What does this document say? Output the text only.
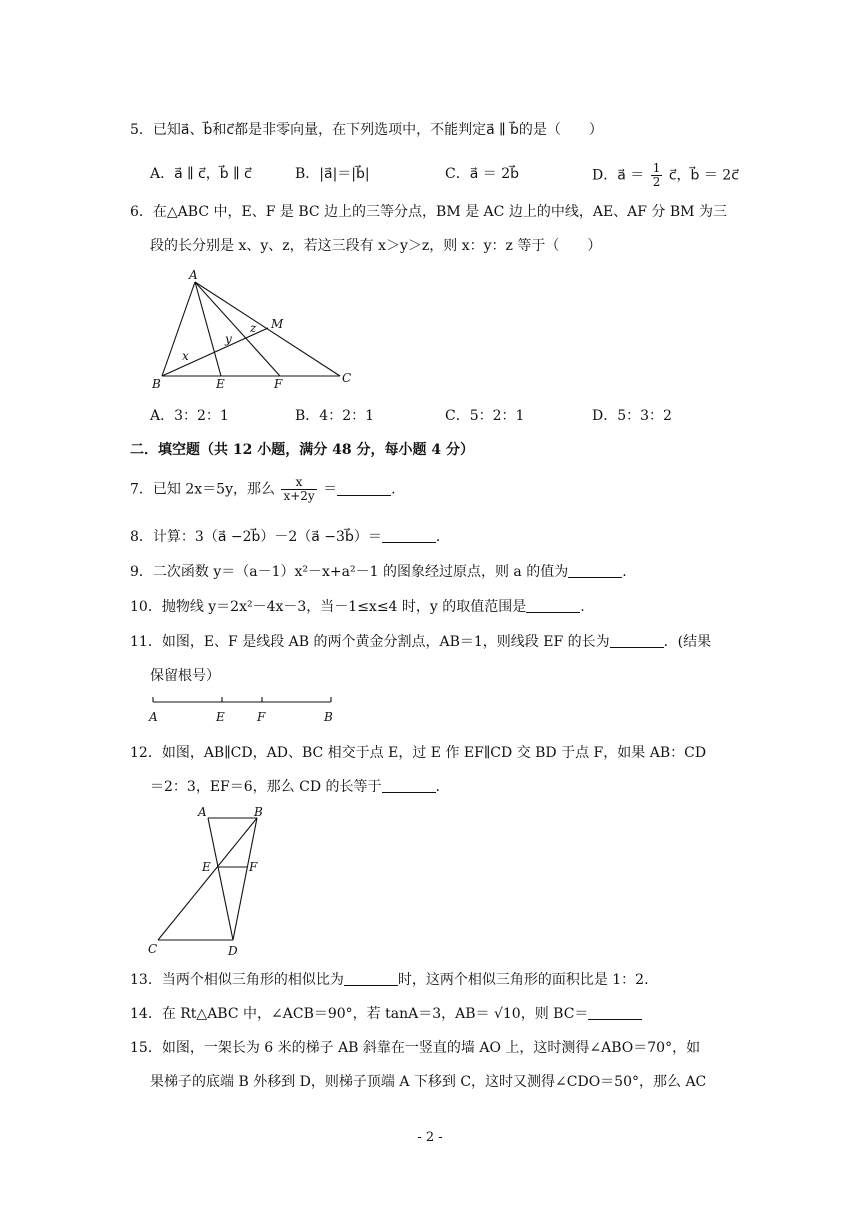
5．已知a⃗、b⃗和c⃗都是非零向量，在下列选项中，不能判定a⃗ ∥ b⃗的是（　　）
A．a⃗ ∥ c⃗，b⃗ ∥ c⃗	B．|a⃗|＝|b⃗|	C．a⃗ ＝ 2b⃗	D．a⃗ ＝ $\frac{1}{2}$ c⃗，b⃗ ＝ 2c⃗
6．在△ABC 中，E、F 是 BC 边上的三等分点，BM 是 AC 边上的中线，AE、AF 分 BM 为三
段的长分别是 x、y、z，若这三段有 x＞y＞z，则 x：y：z 等于（　　）
A
B	C
E	F
M
x
y
z
A．3：2：1	B．4：2：1	C．5：2：1	D．5：3：2
二．填空题（共 12 小题，满分 48 分，每小题 4 分）
7．已知 2x＝5y，那么 $\frac{x}{x+2y}$ ＝	.
8．计算：3（a⃗ −2b⃗）－2（a⃗ −3b⃗）＝	.
9．二次函数 y＝（a－1）x²－x+a²－1 的图象经过原点，则 a 的值为	.
10．抛物线 y＝2x²－4x－3，当－1≤x≤4 时，y 的取值范围是	.
11．如图，E、F 是线段 AB 的两个黄金分割点，AB＝1，则线段 EF 的长为	．(结果
保留根号）
A	E	F	B
12．如图，AB∥CD，AD、BC 相交于点 E，过 E 作 EF∥CD 交 BD 于点 F，如果 AB：CD
＝2：3，EF＝6，那么 CD 的长等于	.
A	B
C	D
E	F
13．当两个相似三角形的相似比为	时，这两个相似三角形的面积比是 1：2.
14．在 Rt△ABC 中，∠ACB＝90°，若 tanA＝3，AB＝ √10，则 BC＝
15．如图，一架长为 6 米的梯子 AB 斜靠在一竖直的墙 AO 上，这时测得∠ABO＝70°，如
果梯子的底端 B 外移到 D，则梯子顶端 A 下移到 C，这时又测得∠CDO＝50°，那么 AC
- 2 -
